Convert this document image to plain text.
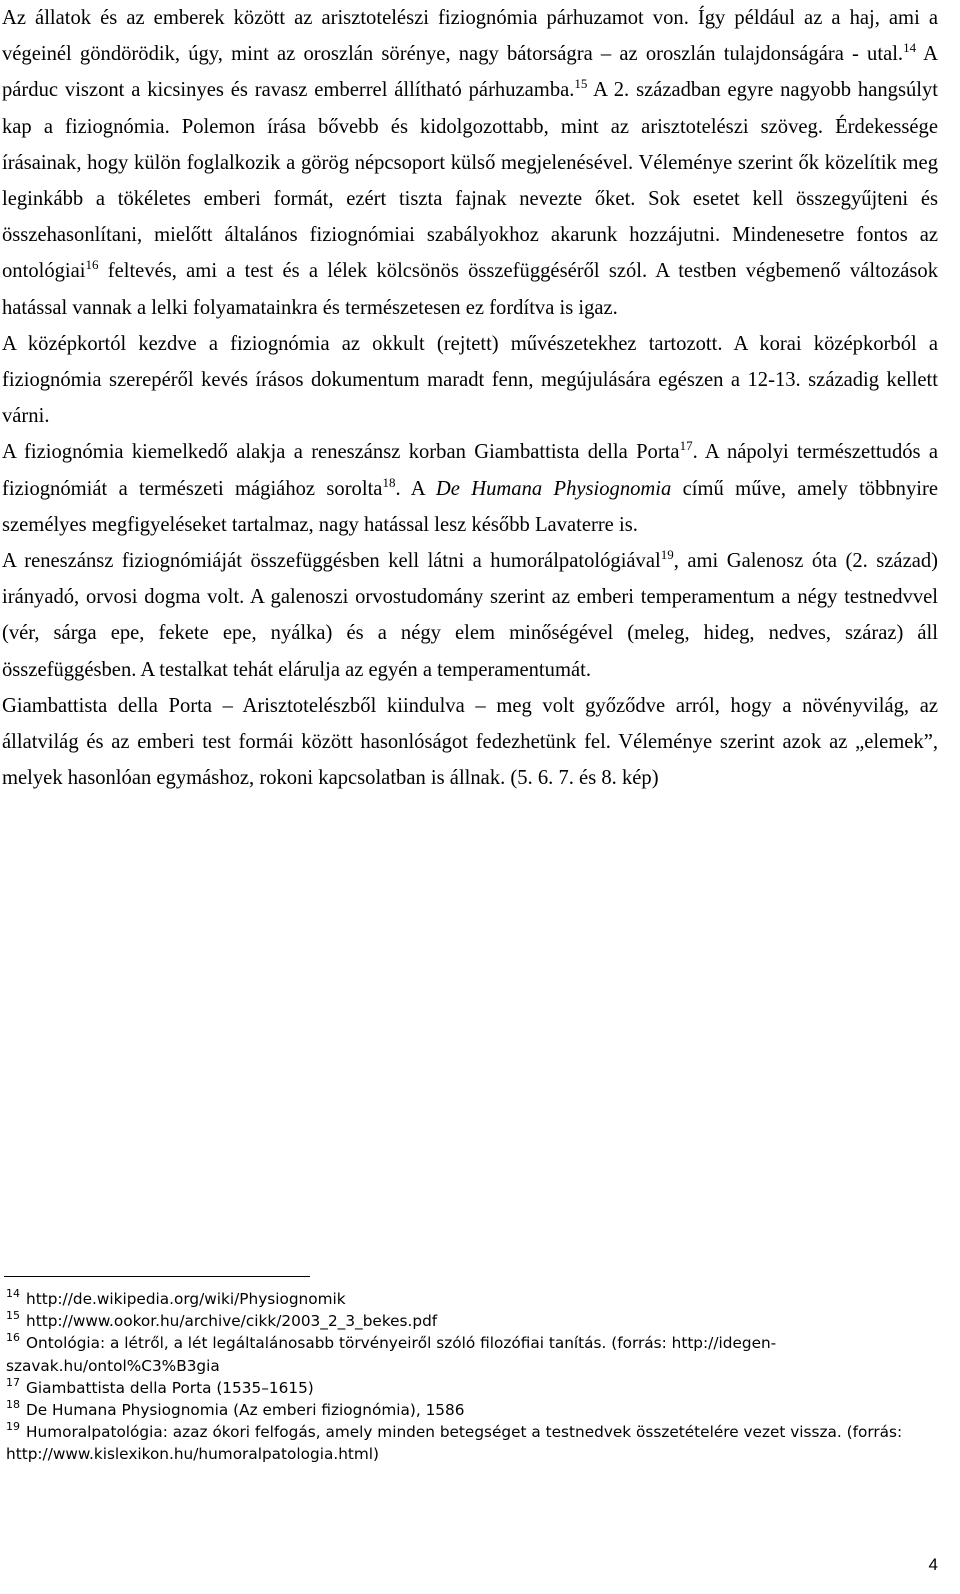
Az állatok és az emberek között az arisztotelészi fiziognómia párhuzamot von. Így például az a haj, ami a végeinél göndörödik, úgy, mint az oroszlán sörénye, nagy bátorságra – az oroszlán tulajdonságára - utal.$^{14}$ A párduc viszont a kicsinyes és ravasz emberrel állítható párhuzamba.$^{15}$ A 2. században egyre nagyobb hangsúlyt kap a fiziognómia. Polemon írása bővebb és kidolgozottabb, mint az arisztotelészi szöveg. Érdekessége írásainak, hogy külön foglalkozik a görög népcsoport külső megjelenésével. Véleménye szerint ők közelítik meg leginkább a tökéletes emberi formát, ezért tiszta fajnak nevezte őket. Sok esetet kell összegyűjteni és összehasonlítani, mielőtt általános fiziognómiai szabályokhoz akarunk hozzájutni. Mindenesetre fontos az ontológiai$^{16}$ feltevés, ami a test és a lélek kölcsönös összefüggéséről szól. A testben végbemenő változások hatással vannak a lelki folyamatainkra és természetesen ez fordítva is igaz.

A középkortól kezdve a fiziognómia az okkult (rejtett) művészetekhez tartozott. A korai középkorból a fiziognómia szerepéről kevés írásos dokumentum maradt fenn, megújulására egészen a 12-13. századig kellett várni.

A fiziognómia kiemelkedő alakja a reneszánsz korban Giambattista della Porta$^{17}$. A nápolyi természettudós a fiziognómiát a természeti mágiához sorolta$^{18}$. A De Humana Physiognomia című műve, amely többnyire személyes megfigyeléseket tartalmaz, nagy hatással lesz később Lavaterre is.

A reneszánsz fiziognómiáját összefüggésben kell látni a humorálpatológiával$^{19}$, ami Galenosz óta (2. század) irányadó, orvosi dogma volt. A galenoszi orvostudomány szerint az emberi temperamentum a négy testnedvvel (vér, sárga epe, fekete epe, nyálka) és a négy elem minőségével (meleg, hideg, nedves, száraz) áll összefüggésben. A testalkat tehát elárulja az egyén a temperamentumát.

Giambattista della Porta – Arisztotelészből kiindulva – meg volt győződve arról, hogy a növényvilág, az állatvilág és az emberi test formái között hasonlóságot fedezhetünk fel. Véleménye szerint azok az „elemek”, melyek hasonlóan egymáshoz, rokoni kapcsolatban is állnak. (5. 6. 7. és 8. kép)

$^{14}$ http://de.wikipedia.org/wiki/Physiognomik

$^{15}$ http://www.ookor.hu/archive/cikk/2003_2_3_bekes.pdf

$^{16}$ Ontológia: a létről, a lét legáltalánosabb törvényeiről szóló filozófiai tanítás. (forrás: http://idegen-szavak.hu/ontol%C3%B3gia

$^{17}$ Giambattista della Porta (1535–1615)

$^{18}$ De Humana Physiognomia (Az emberi fiziognómia), 1586

$^{19}$ Humoralpatológia: azaz ókori felfogás, amely minden betegséget a testnedvek összetételére vezet vissza. (forrás: http://www.kislexikon.hu/humoralpatologia.html)

4
